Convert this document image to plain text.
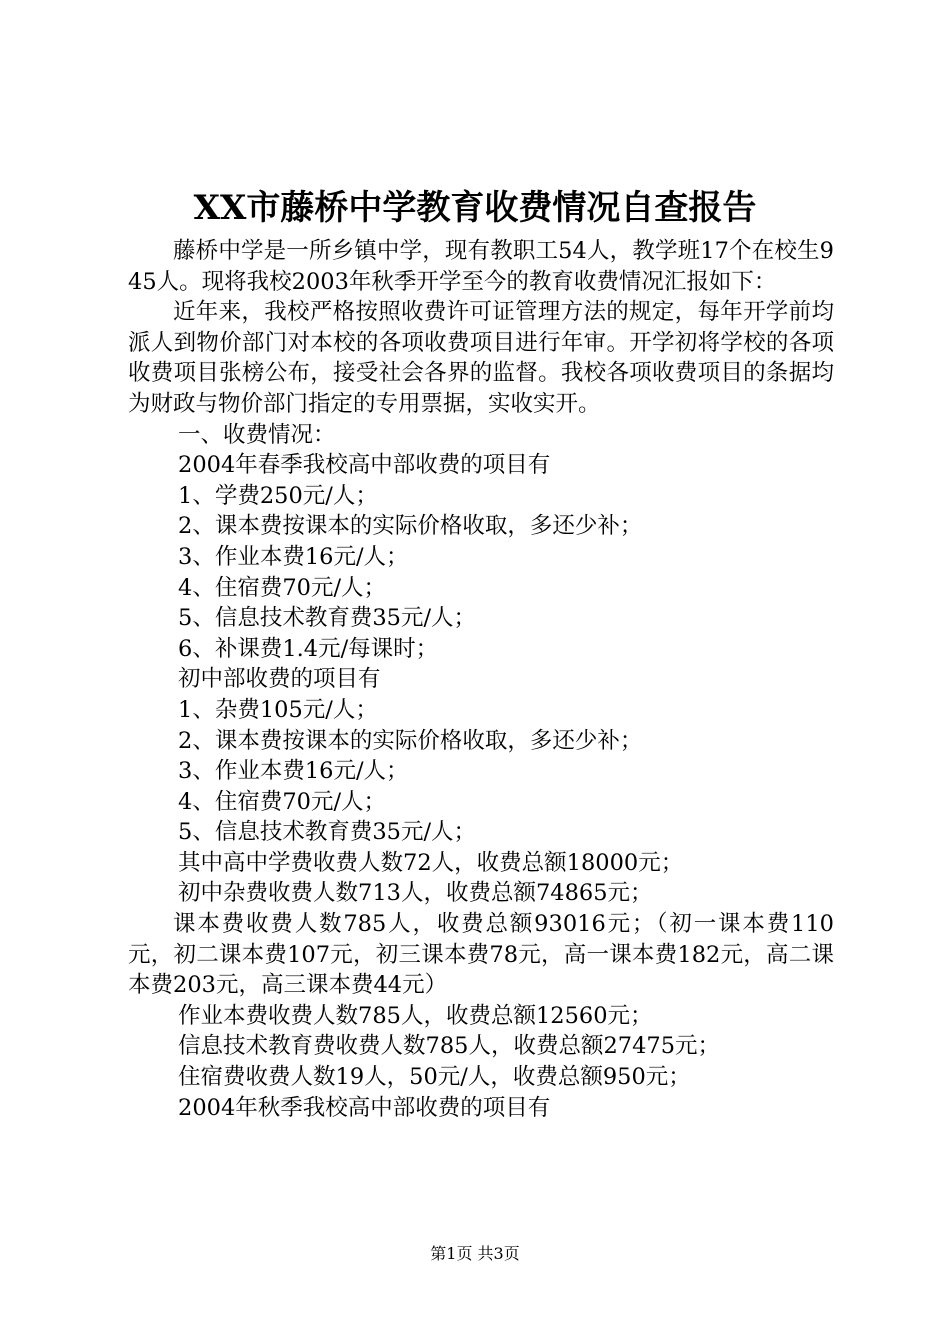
XX市藤桥中学教育收费情况自查报告

藤桥中学是一所乡镇中学，现有教职工54人，教学班17个在校生945人。现将我校2003年秋季开学至今的教育收费情况汇报如下：

近年来，我校严格按照收费许可证管理方法的规定，每年开学前均派人到物价部门对本校的各项收费项目进行年审。开学初将学校的各项收费项目张榜公布，接受社会各界的监督。我校各项收费项目的条据均为财政与物价部门指定的专用票据，实收实开。

一、收费情况：

2004年春季我校高中部收费的项目有

1、学费250元/人；

2、课本费按课本的实际价格收取，多还少补；

3、作业本费16元/人；

4、住宿费70元/人；

5、信息技术教育费35元/人；

6、补课费1.4元/每课时；

初中部收费的项目有

1、杂费105元/人；

2、课本费按课本的实际价格收取，多还少补；

3、作业本费16元/人；

4、住宿费70元/人；

5、信息技术教育费35元/人；

其中高中学费收费人数72人，收费总额18000元；

初中杂费收费人数713人，收费总额74865元；

课本费收费人数785人，收费总额93016元；（初一课本费110元，初二课本费107元，初三课本费78元，高一课本费182元，高二课本费203元，高三课本费44元）

作业本费收费人数785人，收费总额12560元；

信息技术教育费收费人数785人，收费总额27475元；

住宿费收费人数19人，50元/人，收费总额950元；

2004年秋季我校高中部收费的项目有

第1页 共3页
